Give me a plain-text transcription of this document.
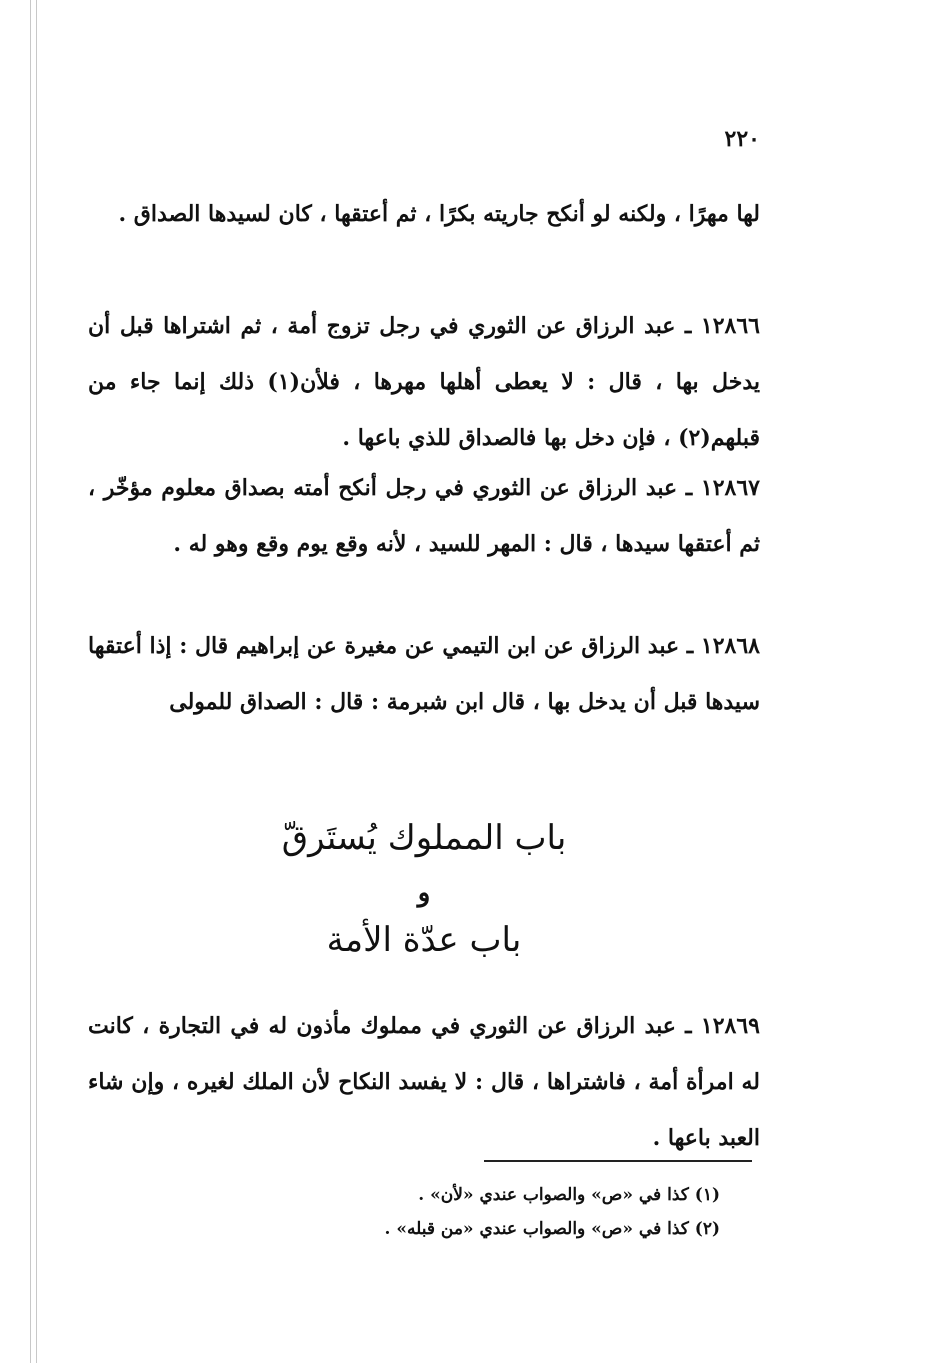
٢٢٠

لها مهرًا ، ولكنه لو أنكح جاريته بكرًا ، ثم أعتقها ، كان لسيدها الصداق .

١٢٨٦٦ ـ عبد الرزاق عن الثوري في رجل تزوج أمة ، ثم اشتراها قبل أن يدخل بها ، قال : لا يعطى أهلها مهرها ، فلأن(١) ذلك إنما جاء من قبلهم(٢) ، فإن دخل بها فالصداق للذي باعها .

١٢٨٦٧ ـ عبد الرزاق عن الثوري في رجل أنكح أمته بصداق معلوم مؤخّر ، ثم أعتقها سيدها ، قال : المهر للسيد ، لأنه وقع يوم وقع وهو له .

١٢٨٦٨ ـ عبد الرزاق عن ابن التيمي عن مغيرة عن إبراهيم قال : إذا أعتقها سيدها قبل أن يدخل بها ، قال ابن شبرمة : قال : الصداق للمولى

باب المملوك يُستَرقّ
و
باب عدّة الأمة

١٢٨٦٩ ـ عبد الرزاق عن الثوري في مملوك مأذون له في التجارة ، كانت له امرأة أمة ، فاشتراها ، قال : لا يفسد النكاح لأن الملك لغيره ، وإن شاء العبد باعها .

(١) كذا في «ص» والصواب عندي «لأن» .
(٢) كذا في «ص» والصواب عندي «من قبله» .
